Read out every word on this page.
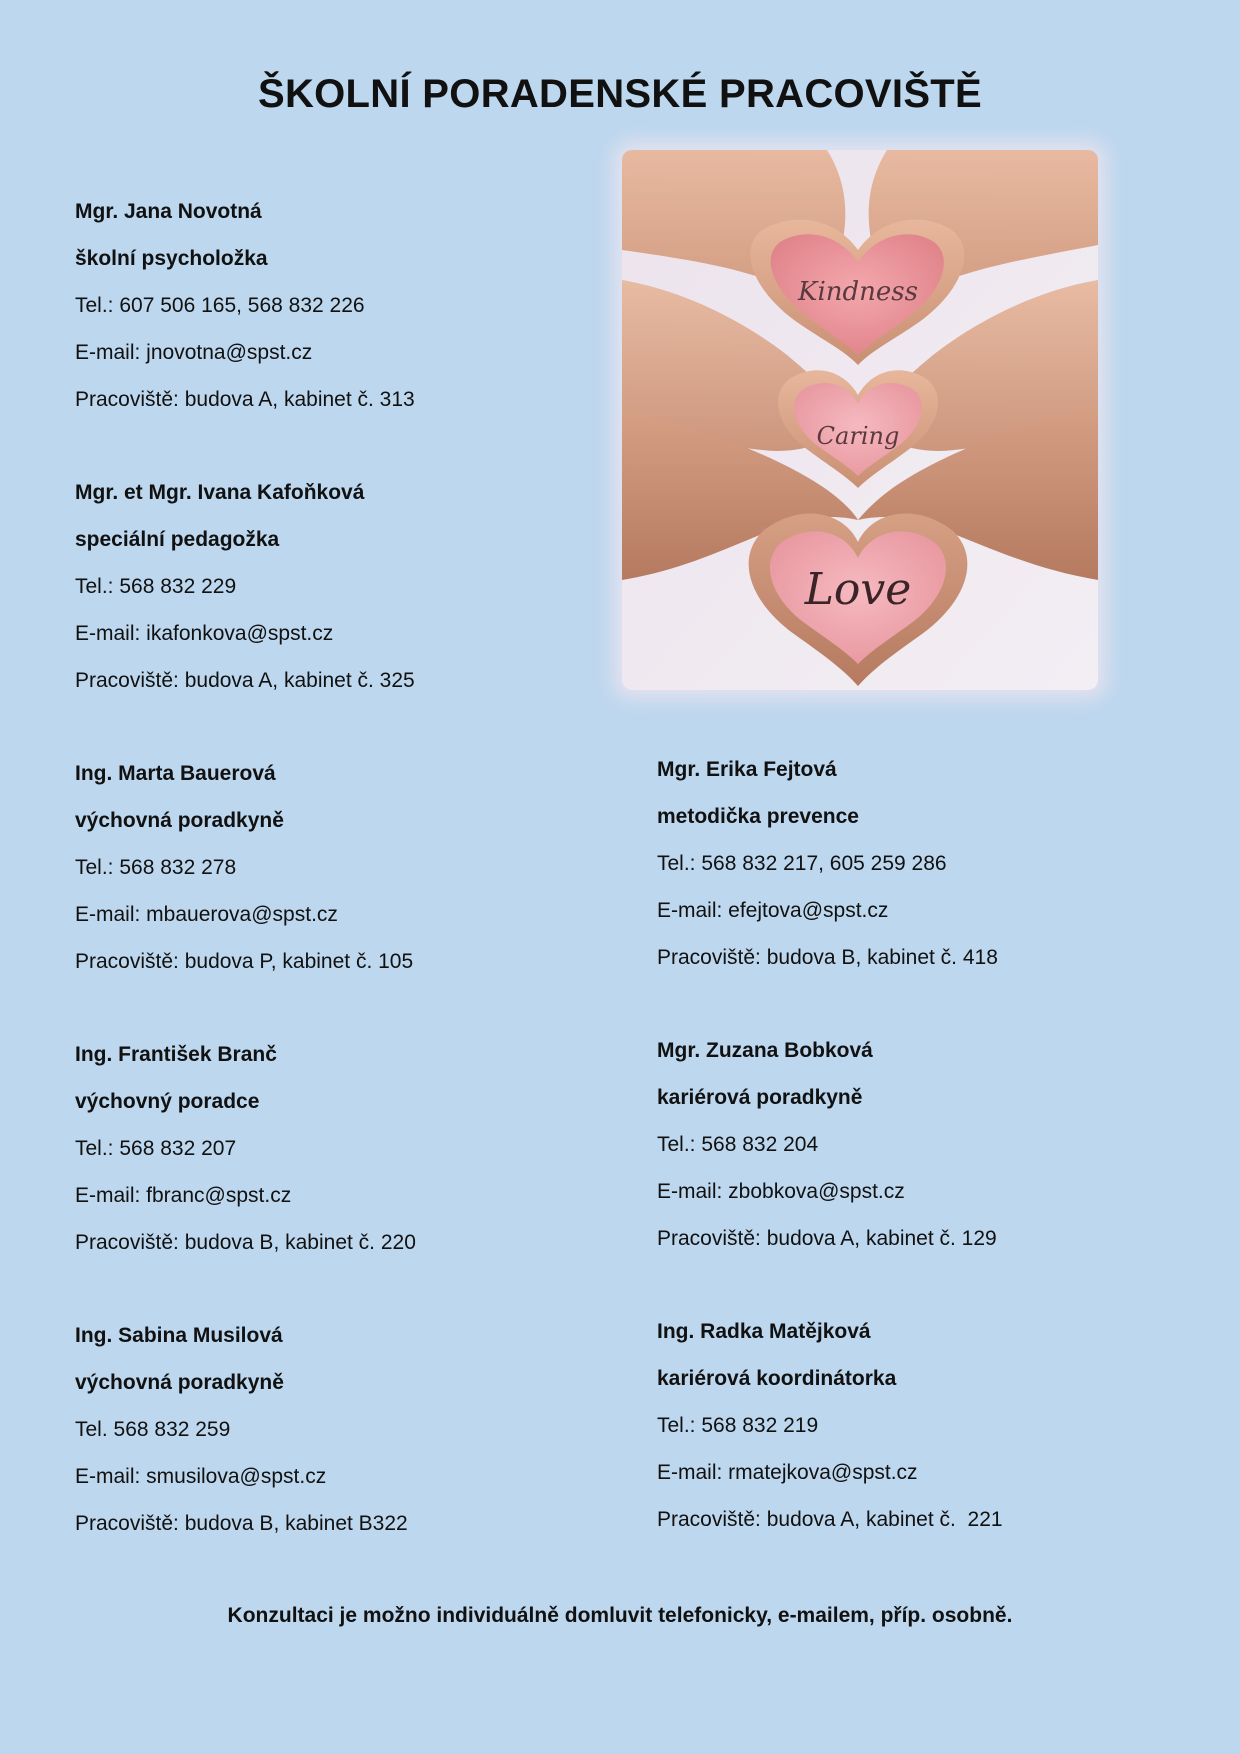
ŠKOLNÍ PORADENSKÉ PRACOVIŠTĚ

Mgr. Jana Novotná

školní psycholožka

Tel.: 607 506 165, 568 832 226

E-mail: jnovotna@spst.cz

Pracoviště: budova A, kabinet č. 313

Mgr. et Mgr. Ivana Kafoňková

speciální pedagožka

Tel.: 568 832 229

E-mail: ikafonkova@spst.cz

Pracoviště: budova A, kabinet č. 325

Ing. Marta Bauerová

výchovná poradkyně

Tel.: 568 832 278

E-mail: mbauerova@spst.cz

Pracoviště: budova P, kabinet č. 105

Mgr. Erika Fejtová

metodička prevence

Tel.: 568 832 217, 605 259 286

E-mail: efejtova@spst.cz

Pracoviště: budova B, kabinet č. 418

Ing. František Branč

výchovný poradce

Tel.: 568 832 207

E-mail: fbranc@spst.cz

Pracoviště: budova B, kabinet č. 220

Mgr. Zuzana Bobková

kariérová poradkyně

Tel.: 568 832 204

E-mail: zbobkova@spst.cz

Pracoviště: budova A, kabinet č. 129

Ing. Sabina Musilová

výchovná poradkyně

Tel. 568 832 259

E-mail: smusilova@spst.cz

Pracoviště: budova B, kabinet B322

Ing. Radka Matějková

kariérová koordinátorka

Tel.: 568 832 219

E-mail: rmatejkova@spst.cz

Pracoviště: budova A, kabinet č.  221

Kindness
Caring
Love

Konzultaci je možno individuálně domluvit telefonicky, e-mailem, příp. osobně.
